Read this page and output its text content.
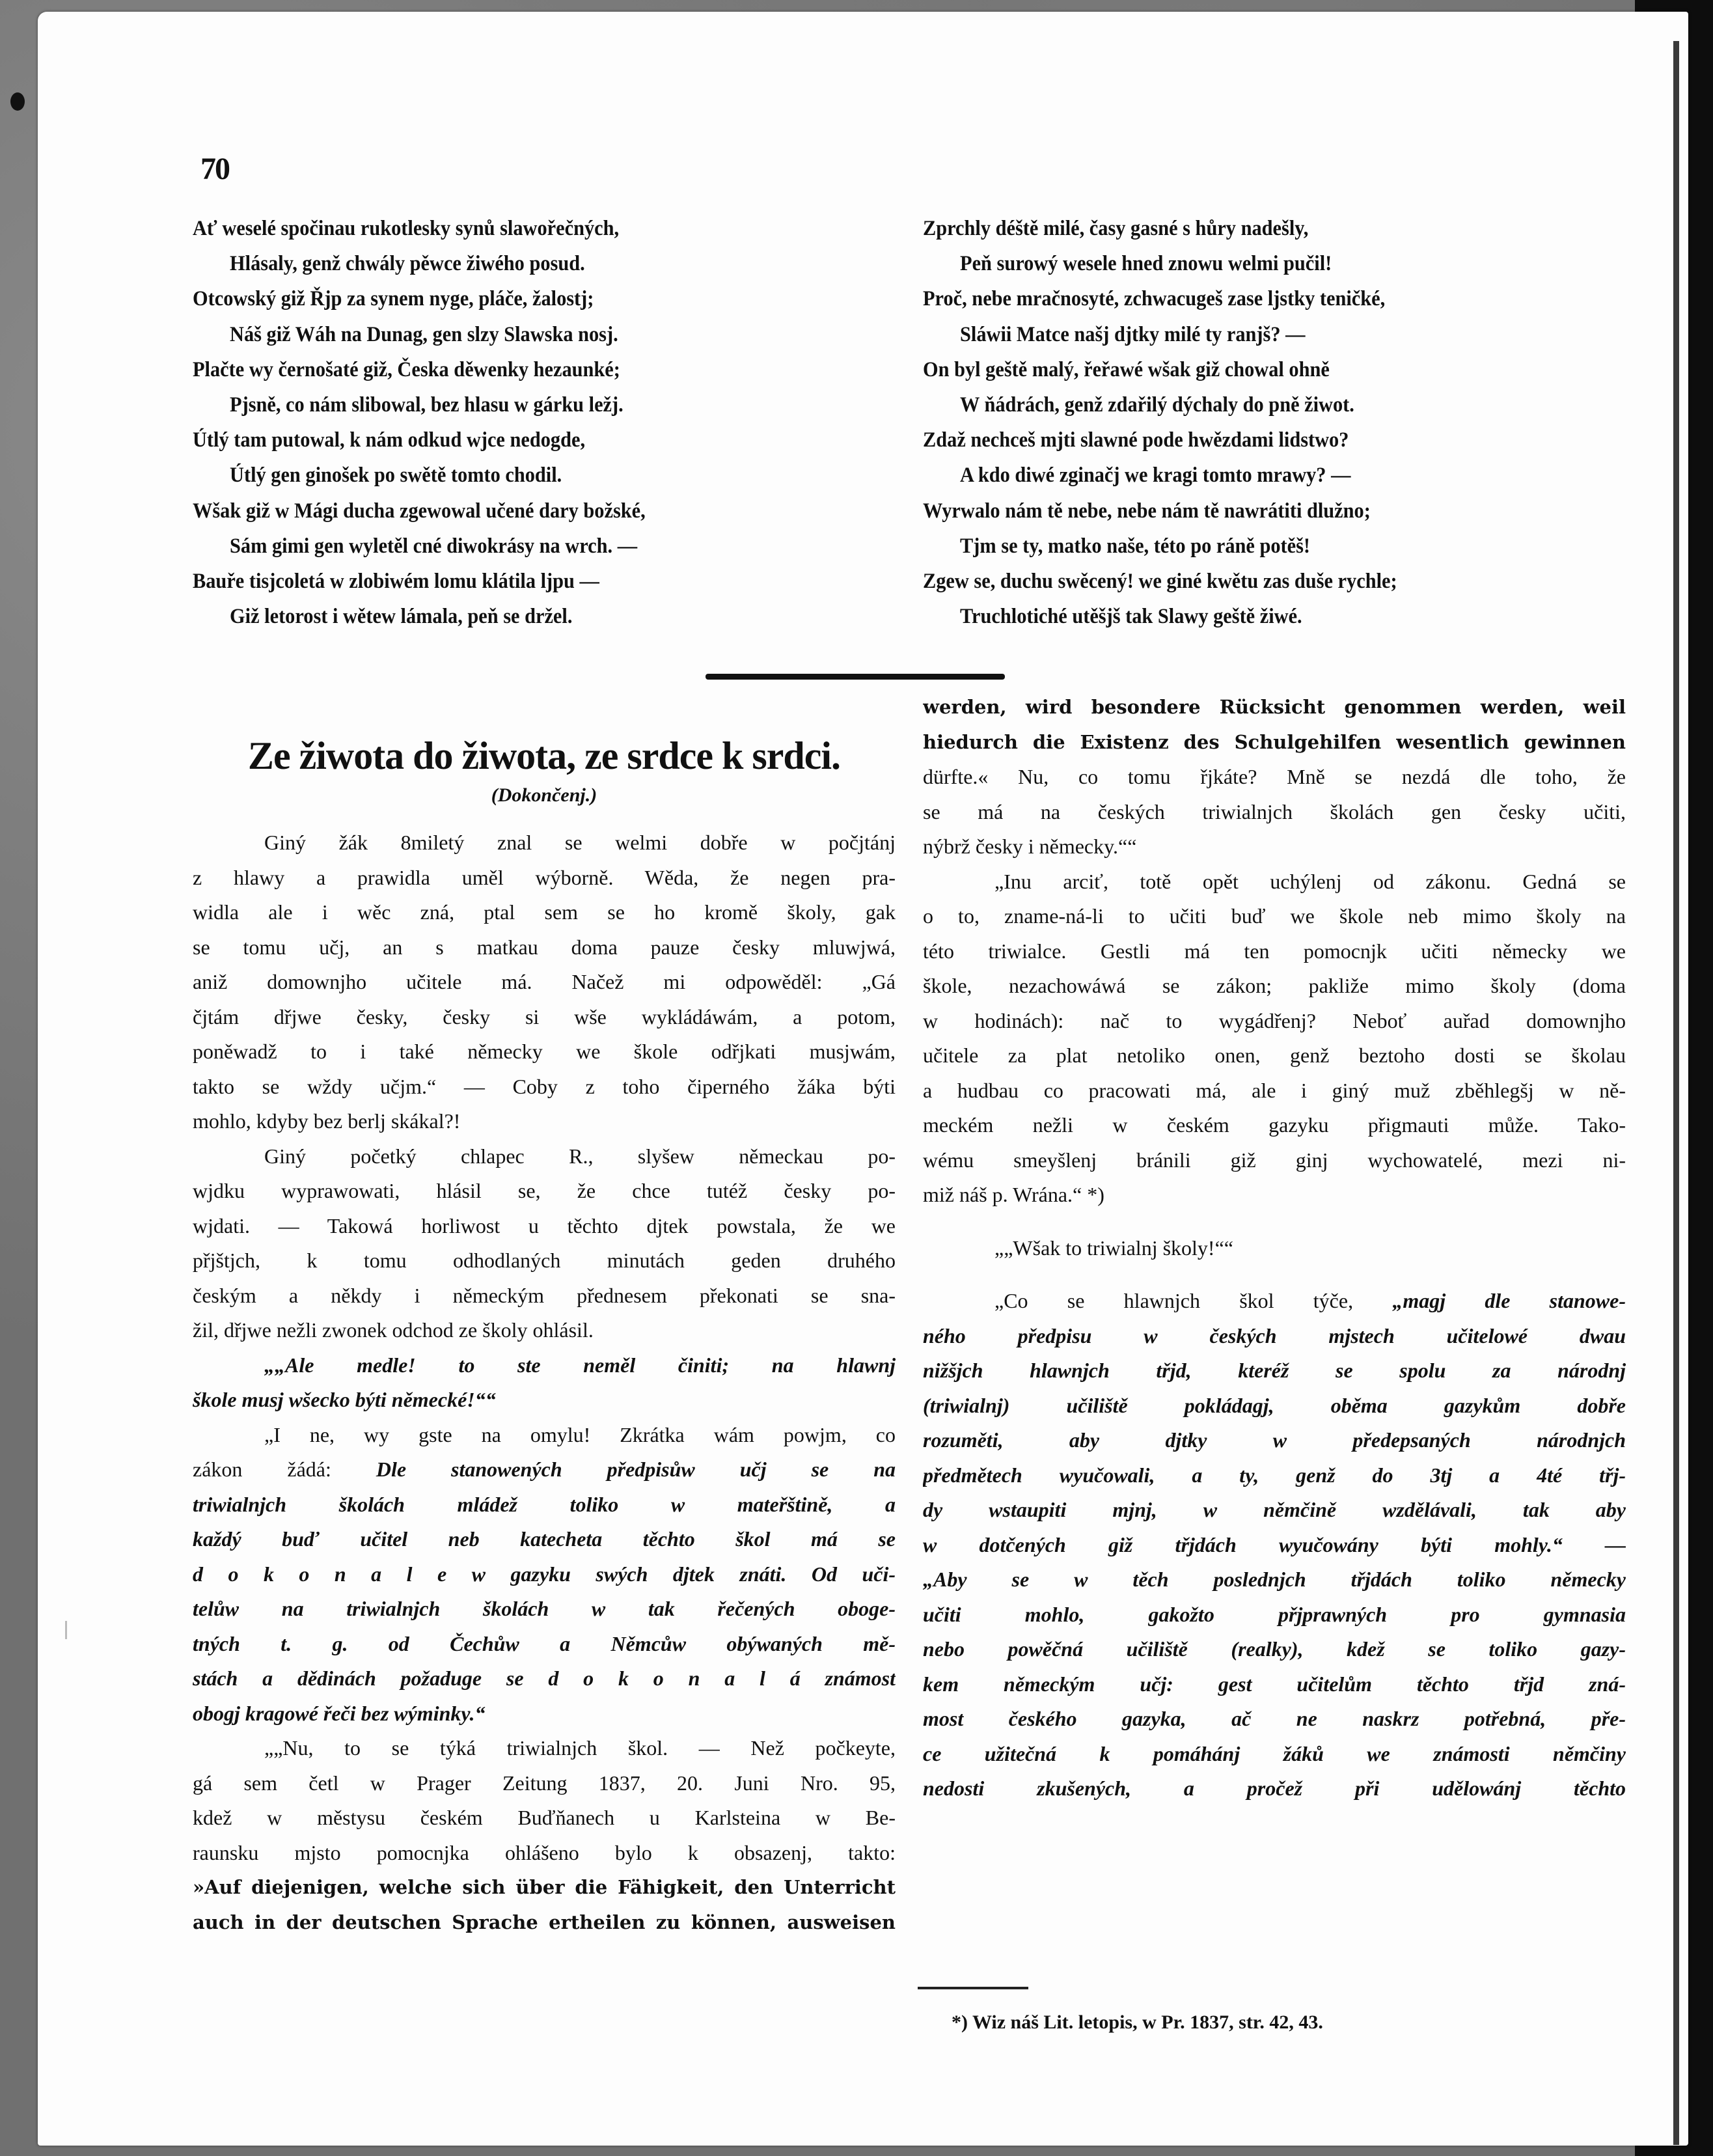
70
Ať weselé spočinau rukotlesky synů slawořečných,
Hlásaly, genž chwály pěwce žiwého posud.
Otcowský giž Řjp za synem nyge, pláče, žalostj;
Náš giž Wáh na Dunag, gen slzy Slawska nosj.
Plačte wy černošaté giž, Česka děwenky hezaunké;
Pjsně, co nám slibowal, bez hlasu w gárku ležj.
Útlý tam putowal, k nám odkud wjce nedogde,
Útlý gen ginošek po swětě tomto chodil.
Wšak giž w Mági ducha zgewowal učené dary božské,
Sám gimi gen wyletěl cné diwokrásy na wrch. —
Bauře tisjcoletá w zlobiwém lomu klátila ljpu —
Giž letorost i wětew lámala, peň se držel.
Zprchly déště milé, časy gasné s hůry nadešly,
Peň surowý wesele hned znowu welmi pučil!
Proč, nebe mračnosyté, zchwacugeš zase ljstky teničké,
Sláwii Matce našj djtky milé ty ranjš? —
On byl geště malý, řeřawé wšak giž chowal ohně
W ňádrách, genž zdařilý dýchaly do pně žiwot.
Zdaž nechceš mjti slawné pode hwězdami lidstwo?
A kdo diwé zginačj we kragi tomto mrawy? —
Wyrwalo nám tě nebe, nebe nám tě nawrátiti dlužno;
Tjm se ty, matko naše, této po ráně potěš!
Zgew se, duchu swěcený! we giné kwětu zas duše rychle;
Truchlotiché utěšjš tak Slawy geště žiwé.
Ze žiwota do žiwota, ze srdce k srdci.
(Dokončenj.)
Giný žák 8miletý znal se welmi dobře w počjtánj
z hlawy a prawidla uměl wýborně. Wěda, že negen pra-
widla ale i wěc zná, ptal sem se ho kromě školy, gak
se tomu učj, an s matkau doma pauze česky mluwjwá,
aniž domownjho učitele má. Načež mi odpowěděl: „Gá
čjtám dřjwe česky, česky si wše wykládáwám, a potom,
poněwadž to i také německy we škole odřjkati musjwám,
takto se wždy učjm.“ — Coby z toho čiperného žáka býti
mohlo, kdyby bez berlj skákal?!
Giný početký chlapec R., slyšew německau po-
wjdku wyprawowati, hlásil se, že chce tutéž česky po-
wjdati. — Takowá horliwost u těchto djtek powstala, že we
přjštjch, k tomu odhodlaných minutách geden druhého
českým a někdy i německým přednesem překonati se sna-
žil, dřjwe nežli zwonek odchod ze školy ohlásil.
„„Ale medle! to ste neměl činiti; na hlawnj
škole musj wšecko býti německé!““
„I ne, wy gste na omylu! Zkrátka wám powjm, co
zákon žádá: Dle stanowených předpisůw učj se na
triwialnjch školách mládež toliko w mateřštině, a
každý buď učitel neb katecheta těchto škol má se
d o k o n a l e w gazyku swých djtek znáti. Od uči-
telůw na triwialnjch školách w tak řečených oboge-
tných t. g. od Čechůw a Němcůw obýwaných mě-
stách a dědinách požaduge se d o k o n a l á známost
obogj kragowé řeči bez wýminky.“
„„Nu, to se týká triwialnjch škol. — Než počkeyte,
gá sem četl w Prager Zeitung 1837, 20. Juni Nro. 95,
kdež w městysu českém Buďňanech u Karlsteina w Be-
raunsku mjsto pomocnjka ohlášeno bylo k obsazenj, takto:
»Auf diejenigen, welche sich über die Fähigkeit, den Unterricht
auch in der deutschen Sprache ertheilen zu können, ausweisen
werden, wird besondere Rücksicht genommen werden, weil
hiedurch die Existenz des Schulgehilfen wesentlich gewinnen
dürfte.« Nu, co tomu řjkáte? Mně se nezdá dle toho, že
se má na českých triwialnjch školách gen česky učiti,
nýbrž česky i německy.““
„Inu arciť, totě opět uchýlenj od zákonu. Gedná se
o to, zname-ná-li to učiti buď we škole neb mimo školy na
této triwialce. Gestli má ten pomocnjk učiti německy we
škole, nezachowáwá se zákon; pakliže mimo školy (doma
w hodinách): nač to wygádřenj? Neboť auřad domownjho
učitele za plat netoliko onen, genž beztoho dosti se školau
a hudbau co pracowati má, ale i giný muž zběhlegšj w ně-
meckém nežli w českém gazyku přigmauti může. Tako-
wému smeyšlenj bránili giž ginj wychowatelé, mezi ni-
miž náš p. Wrána.“ *)
„„Wšak to triwialnj školy!““
„Co se hlawnjch škol týče, „magj dle stanowe-
ného předpisu w českých mjstech učitelowé dwau
nižšjch hlawnjch třjd, kteréž se spolu za národnj
(triwialnj) učiliště pokládagj, oběma gazykům dobře
rozuměti, aby djtky w předepsaných národnjch
předmětech wyučowali, a ty, genž do 3tj a 4té třj-
dy wstaupiti mjnj, w němčině wzdělávali, tak aby
w dotčených giž třjdách wyučowány býti mohly.“ —
„Aby se w těch poslednjch třjdách toliko německy
učiti mohlo, gakožto přjprawných pro gymnasia
nebo powěčná učiliště (realky), kdež se toliko gazy-
kem německým učj: gest učitelům těchto třjd zná-
most českého gazyka, ač ne naskrz potřebná, pře-
ce užitečná k pomáhánj žáků we známosti němčiny
nedosti zkušených, a pročež při udělowánj těchto
*) Wiz náš Lit. letopis, w Pr. 1837, str. 42, 43.
